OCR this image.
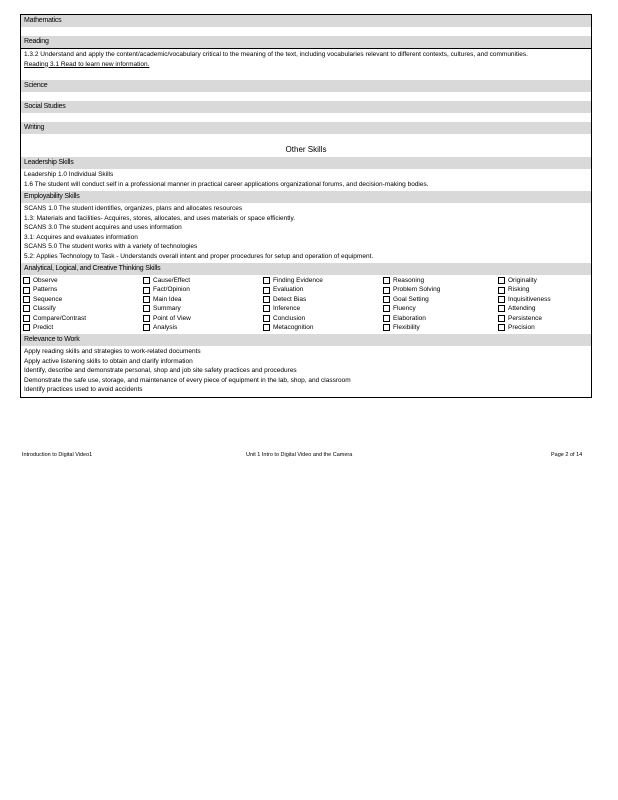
Mathematics
Reading
1.3.2 Understand and apply the content/academic/vocabulary critical to the meaning of the text, including vocabularies relevant to different contexts, cultures, and communities.
Reading 3.1 Read to learn new information.
Science
Social Studies
Writing
Other Skills
Leadership Skills
Leadership 1.0 Individual Skills
1.6 The student will conduct self in a professional manner in practical career applications organizational forums, and decision-making bodies.
Employability Skills
SCANS 1.0 The student identifies, organizes, plans and allocates resources
1.3: Materials and facilities- Acquires, stores, allocates, and uses materials or space efficiently.
SCANS 3.0 The student acquires and uses information
3.1: Acquires and evaluates information
SCANS 5.0 The student works with a variety of technologies
5.2: Applies Technology to Task - Understands overall intent and proper procedures for setup and operation of equipment.
Analytical, Logical, and Creative Thinking Skills
Observe
Patterns
Sequence
Classify
Compare/Contrast
Predict
Cause/Effect
Fact/Opinion
Main Idea
Summary
Point of View
Analysis
Finding Evidence
Evaluation
Detect Bias
Inference
Conclusion
Metacognition
Reasoning
Problem Solving
Goal Setting
Fluency
Elaboration
Flexibility
Originality
Risking
Inquisitiveness
Attending
Persistence
Precision
Relevance to Work
Apply reading skills and strategies to work-related documents
Apply active listening skills to obtain and clarify information
Identify, describe and demonstrate personal, shop and job site safety practices and procedures
Demonstrate the safe use, storage, and maintenance of every piece of equipment in the lab, shop, and classroom
Identify practices used to avoid accidents
Introduction to Digital Video1	Unit 1 Intro to Digital Video and the Camera	Page 2 of 14
